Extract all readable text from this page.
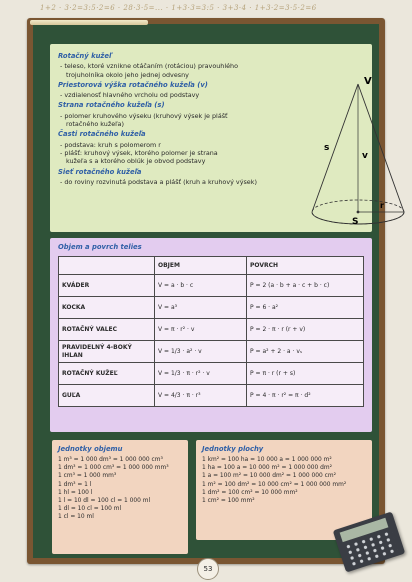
1+2 · 3·2=3:5·2=6 · 28·3·5=... · 1+3·3=3:5 · 3+3·4 · 1+3·2=3·5·2=6
Rotačný kužeľ
- teleso, ktoré vznikne otáčaním (rotáciou) pravouhlého
trojuholníka okolo jeho jednej odvesny
Priestorová výška rotačného kužeľa (v)
- vzdialenosť hlavného vrcholu od podstavy
Strana rotačného kužeľa (s)
- polomer kruhového výseku (kruhový výsek je plášť
rotačného kužeľa)
Časti rotačného kužeľa
- podstava: kruh s polomerom r
- plášť: kruhový výsek, ktorého polomer je strana
kužeľa s a ktorého oblúk je obvod podstavy
Sieť rotačného kužeľa
- do roviny rozvinutá podstava a plášť (kruh a kruhový výsek)
V
s
v
r
S
Objem a povrch telies
	OBJEM	POVRCH
KVÁDER	V = a · b · c	P = 2 (a · b + a · c + b · c)
KOCKA	V = a³	P = 6 · a²
ROTAČNÝ VALEC	V = π · r² · v	P = 2 · π · r (r + v)
PRAVIDELNÝ 4-BOKÝ IHLAN	V = 1/3 · a² · v	P = a² + 2 · a · vₛ
ROTAČNÝ KUŽEĽ	V = 1/3 · π · r² · v	P = π · r (r + s)
GUĽA	V = 4/3 · π · r³	P = 4 · π · r² = π · d²
Jednotky objemu
1 m³ = 1 000 dm³ = 1 000 000 cm³
1 dm³ = 1 000 cm³ = 1 000 000 mm³
1 cm³ = 1 000 mm³
1 dm³ = 1 l
1 hl = 100 l
1 l = 10 dl = 100 cl = 1 000 ml
1 dl = 10 cl = 100 ml
1 cl = 10 ml
Jednotky plochy
1 km² = 100 ha = 10 000 a = 1 000 000 m²
1 ha = 100 a = 10 000 m² = 1 000 000 dm²
1 a = 100 m² = 10 000 dm² = 1 000 000 cm²
1 m² = 100 dm² = 10 000 cm² = 1 000 000 mm²
1 dm² = 100 cm² = 10 000 mm²
1 cm² = 100 mm²
53
